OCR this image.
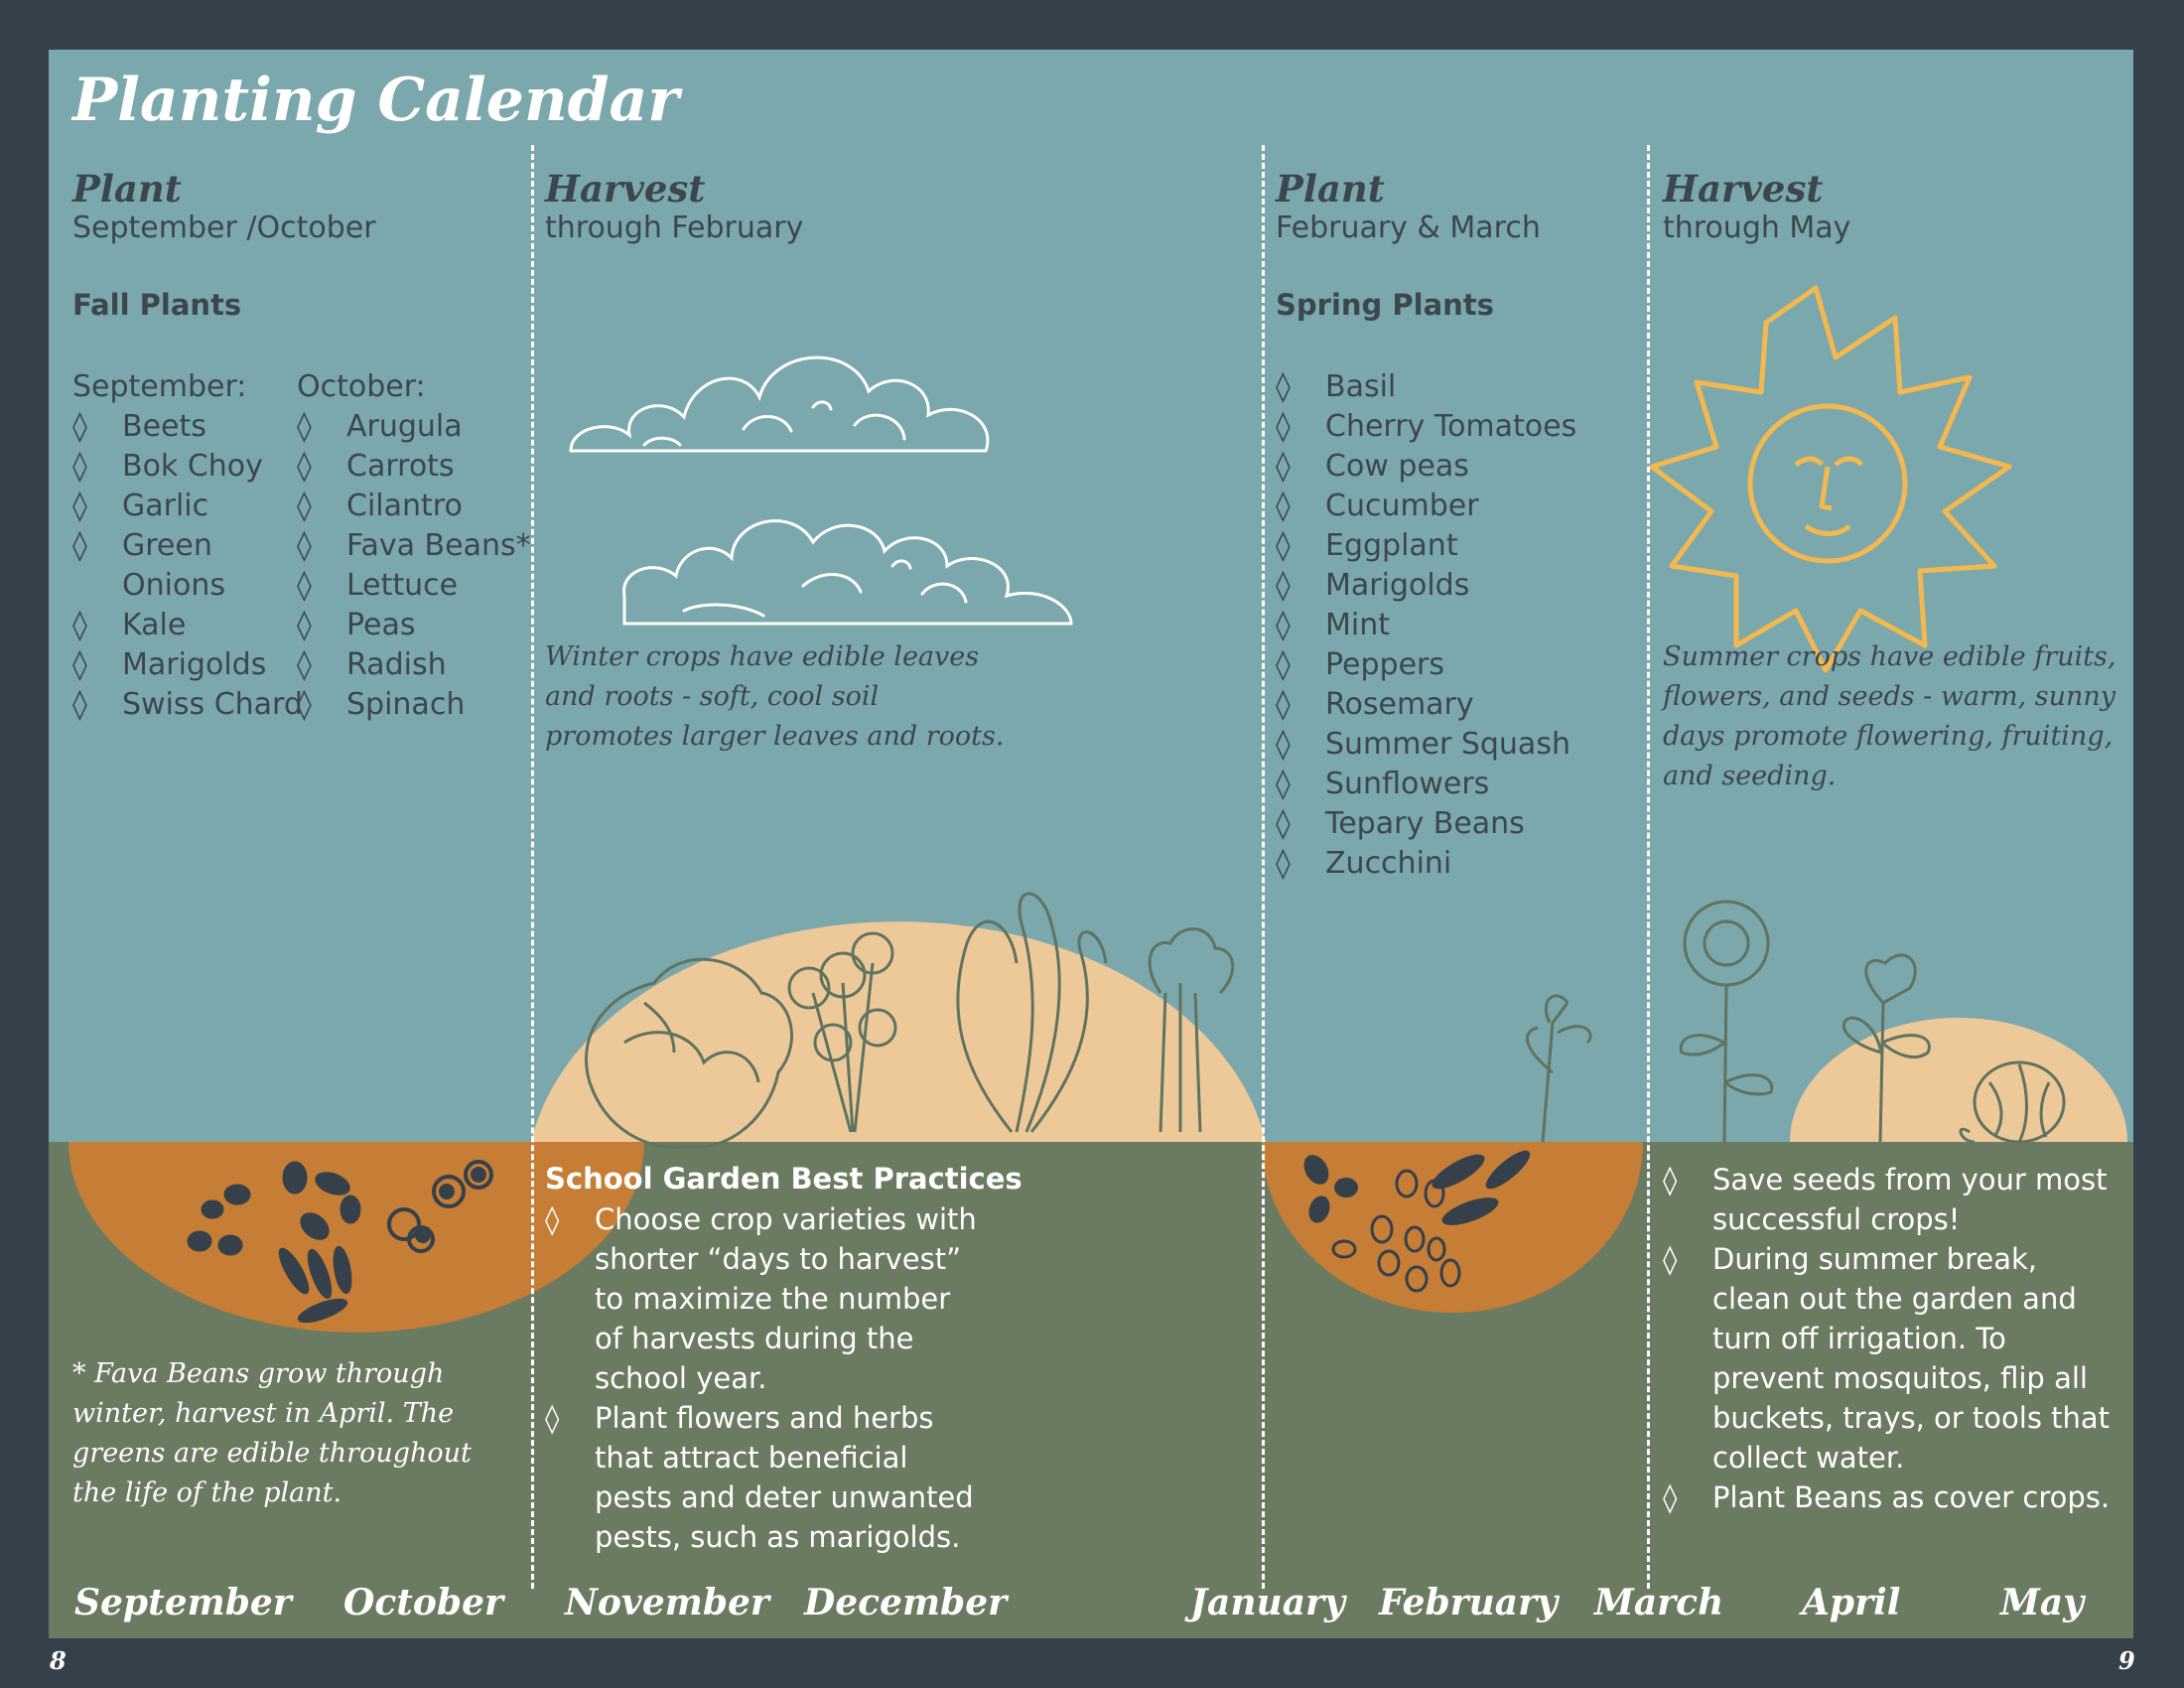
Planting Calendar
Plant
September /October
Fall Plants
September:
◊ Beets
◊ Bok Choy
◊ Garlic
◊ Green
◊ Onions
◊ Kale
◊ Marigolds
◊ Swiss Chard
October:
◊ Arugula
◊ Carrots
◊ Cilantro
◊ Fava Beans*
◊ Lettuce
◊ Peas
◊ Radish
◊ Spinach
* Fava Beans grow through winter, harvest in April. The greens are edible throughout the life of the plant.
Harvest
through February
Winter crops have edible leaves and roots - soft, cool soil promotes larger leaves and roots.
School Garden Best Practices
◊ Choose crop varieties with shorter “days to harvest” to maximize the number of harvests during the school year.
◊ Plant flowers and herbs that attract beneficial pests and deter unwanted pests, such as marigolds.
Plant
February & March
Spring Plants
◊ Basil
◊ Cherry Tomatoes
◊ Cow peas
◊ Cucumber
◊ Eggplant
◊ Marigolds
◊ Mint
◊ Peppers
◊ Rosemary
◊ Summer Squash
◊ Sunflowers
◊ Tepary Beans
◊ Zucchini
Harvest
through May
Summer crops have edible fruits, flowers, and seeds - warm, sunny days promote flowering, fruiting, and seeding.
◊ Save seeds from your most successful crops!
◊ During summer break, clean out the garden and turn off irrigation. To prevent mosquitos, flip all buckets, trays, or tools that collect water.
◊ Plant Beans as cover crops.
September October November December	January February March April	May
8	9
